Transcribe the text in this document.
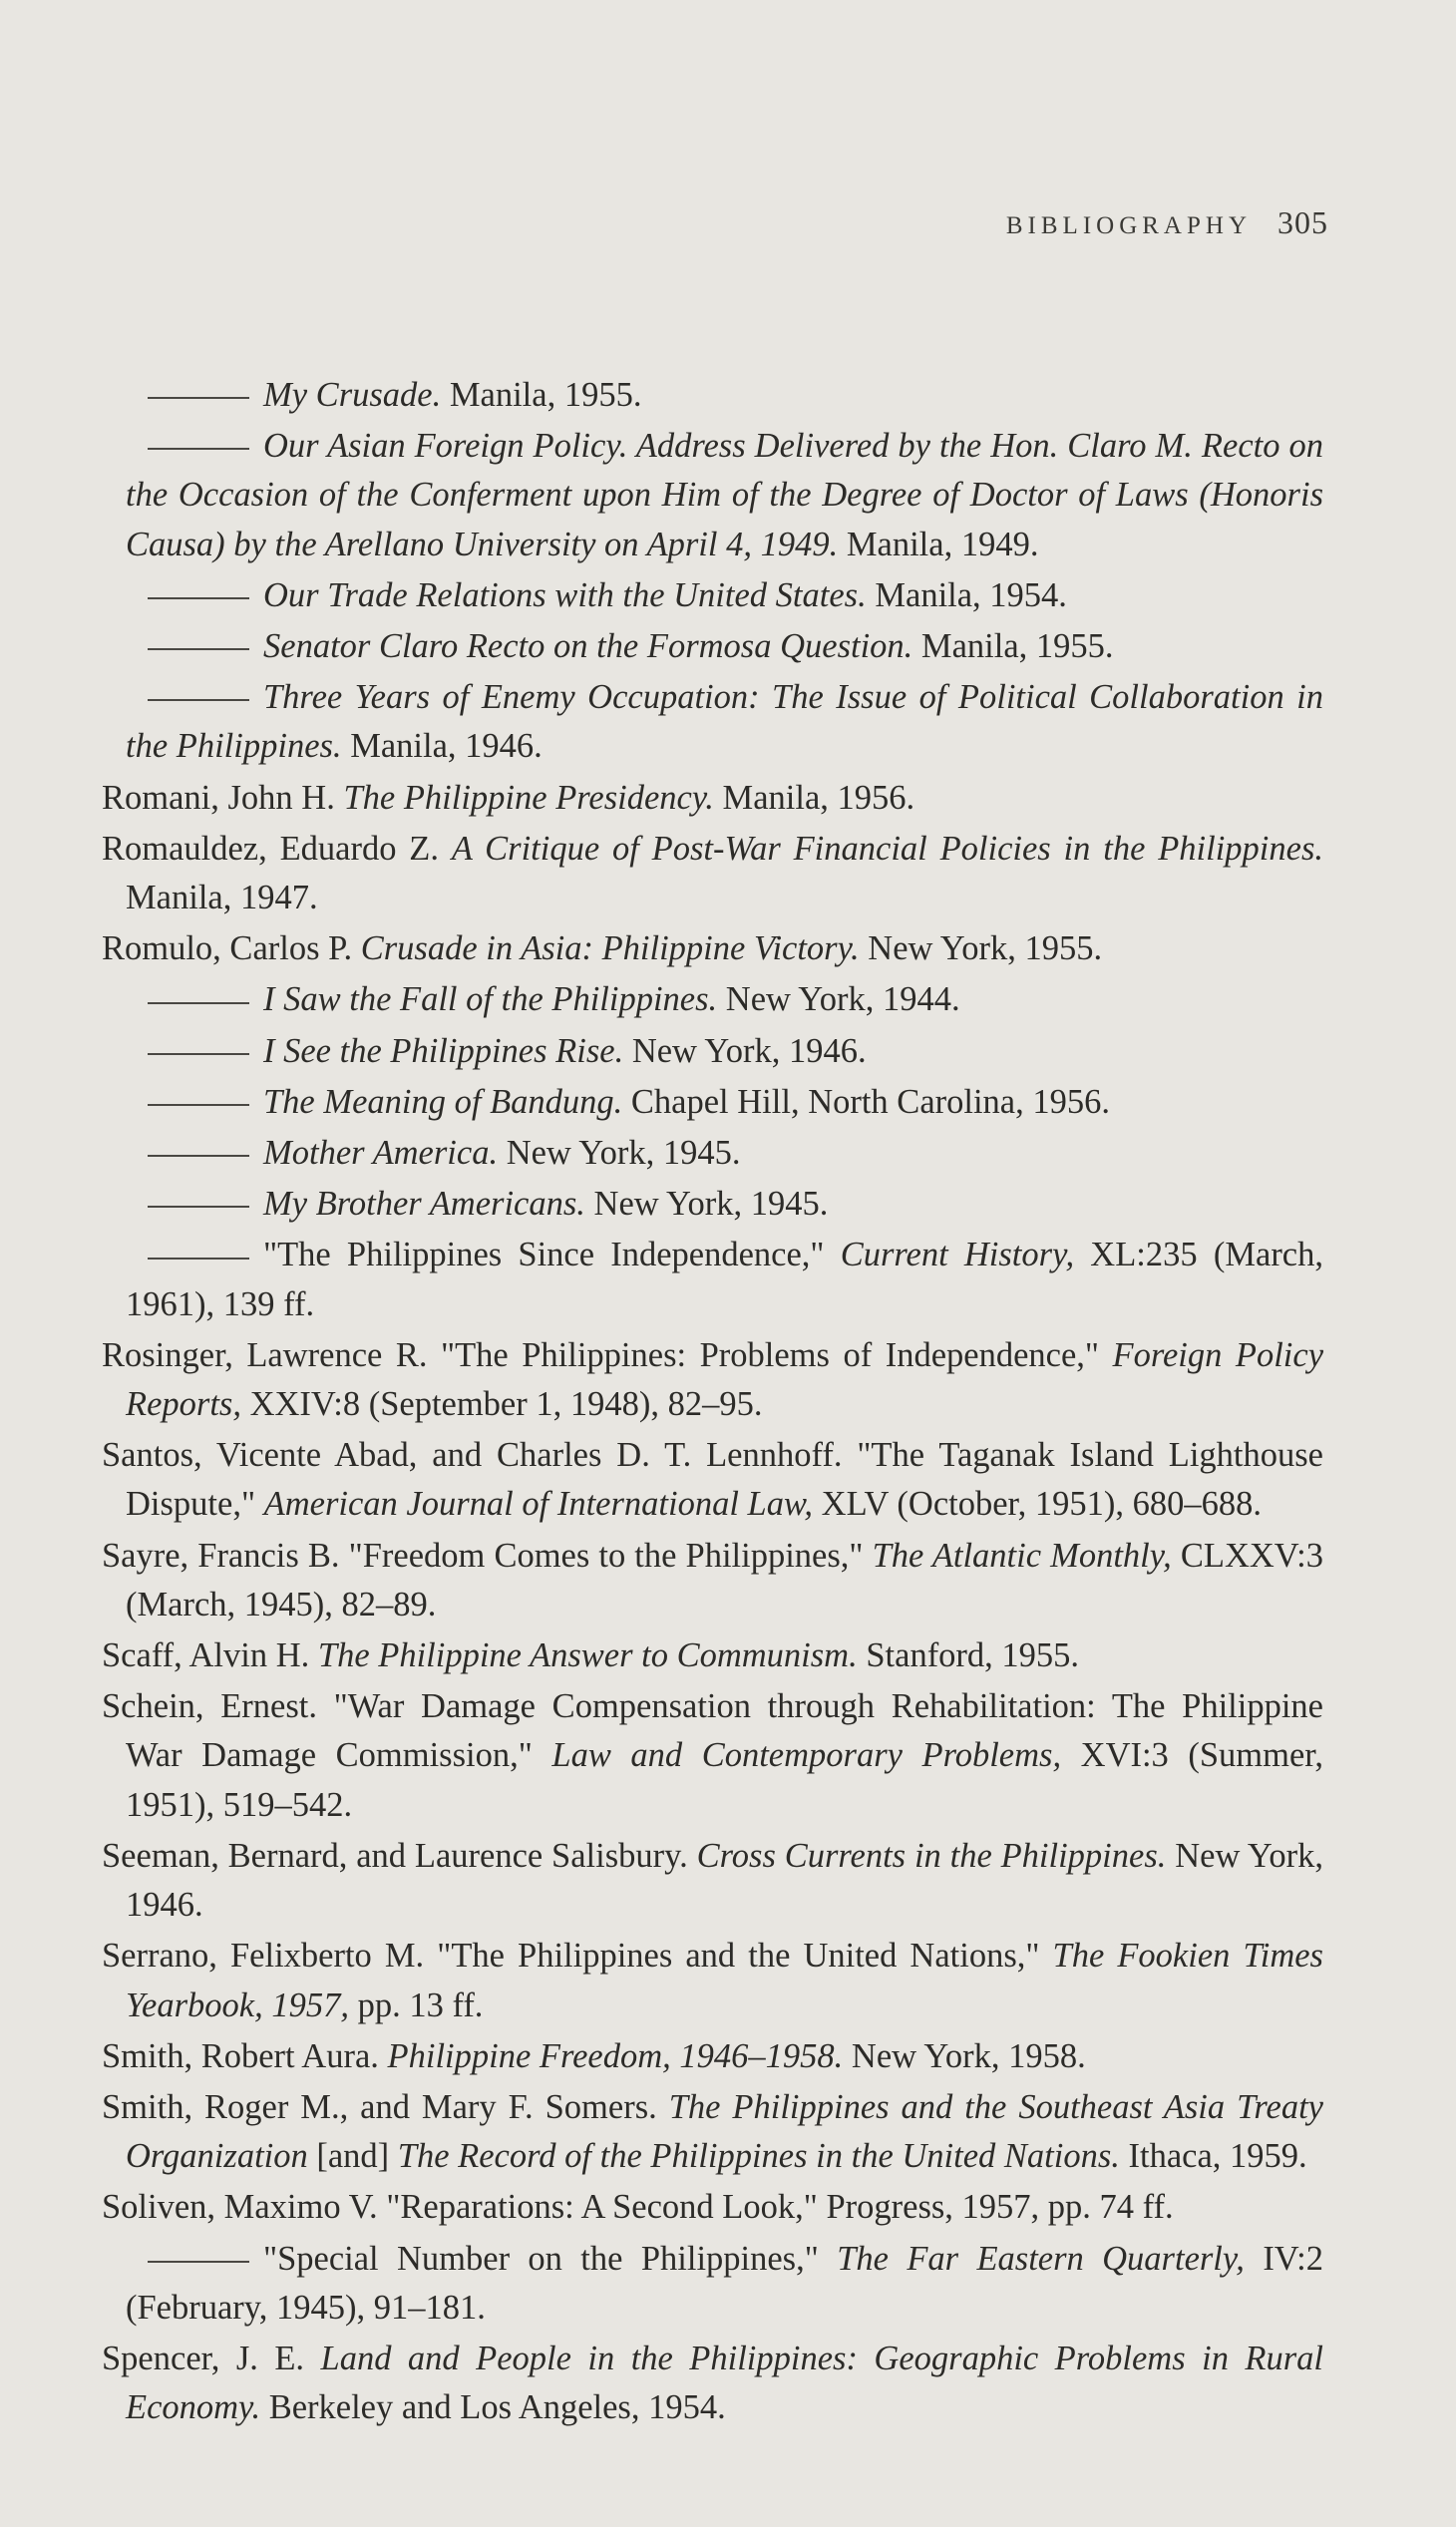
BIBLIOGRAPHY 305

My Crusade. Manila, 1955.

Our Asian Foreign Policy. Address Delivered by the Hon. Claro M. Recto on the Occasion of the Conferment upon Him of the Degree of Doctor of Laws (Honoris Causa) by the Arellano University on April 4, 1949. Manila, 1949.

Our Trade Relations with the United States. Manila, 1954.

Senator Claro Recto on the Formosa Question. Manila, 1955.

Three Years of Enemy Occupation: The Issue of Political Collaboration in the Philippines. Manila, 1946.

Romani, John H. The Philippine Presidency. Manila, 1956.

Romauldez, Eduardo Z. A Critique of Post-War Financial Policies in the Philippines. Manila, 1947.

Romulo, Carlos P. Crusade in Asia: Philippine Victory. New York, 1955.

I Saw the Fall of the Philippines. New York, 1944.

I See the Philippines Rise. New York, 1946.

The Meaning of Bandung. Chapel Hill, North Carolina, 1956.

Mother America. New York, 1945.

My Brother Americans. New York, 1945.

"The Philippines Since Independence," Current History, XL:235 (March, 1961), 139 ff.

Rosinger, Lawrence R. "The Philippines: Problems of Independence," Foreign Policy Reports, XXIV:8 (September 1, 1948), 82–95.

Santos, Vicente Abad, and Charles D. T. Lennhoff. "The Taganak Island Lighthouse Dispute," American Journal of International Law, XLV (October, 1951), 680–688.

Sayre, Francis B. "Freedom Comes to the Philippines," The Atlantic Monthly, CLXXV:3 (March, 1945), 82–89.

Scaff, Alvin H. The Philippine Answer to Communism. Stanford, 1955.

Schein, Ernest. "War Damage Compensation through Rehabilitation: The Philippine War Damage Commission," Law and Contemporary Problems, XVI:3 (Summer, 1951), 519–542.

Seeman, Bernard, and Laurence Salisbury. Cross Currents in the Philippines. New York, 1946.

Serrano, Felixberto M. "The Philippines and the United Nations," The Fookien Times Yearbook, 1957, pp. 13 ff.

Smith, Robert Aura. Philippine Freedom, 1946–1958. New York, 1958.

Smith, Roger M., and Mary F. Somers. The Philippines and the Southeast Asia Treaty Organization [and] The Record of the Philippines in the United Nations. Ithaca, 1959.

Soliven, Maximo V. "Reparations: A Second Look," Progress, 1957, pp. 74 ff.

"Special Number on the Philippines," The Far Eastern Quarterly, IV:2 (February, 1945), 91–181.

Spencer, J. E. Land and People in the Philippines: Geographic Problems in Rural Economy. Berkeley and Los Angeles, 1954.
